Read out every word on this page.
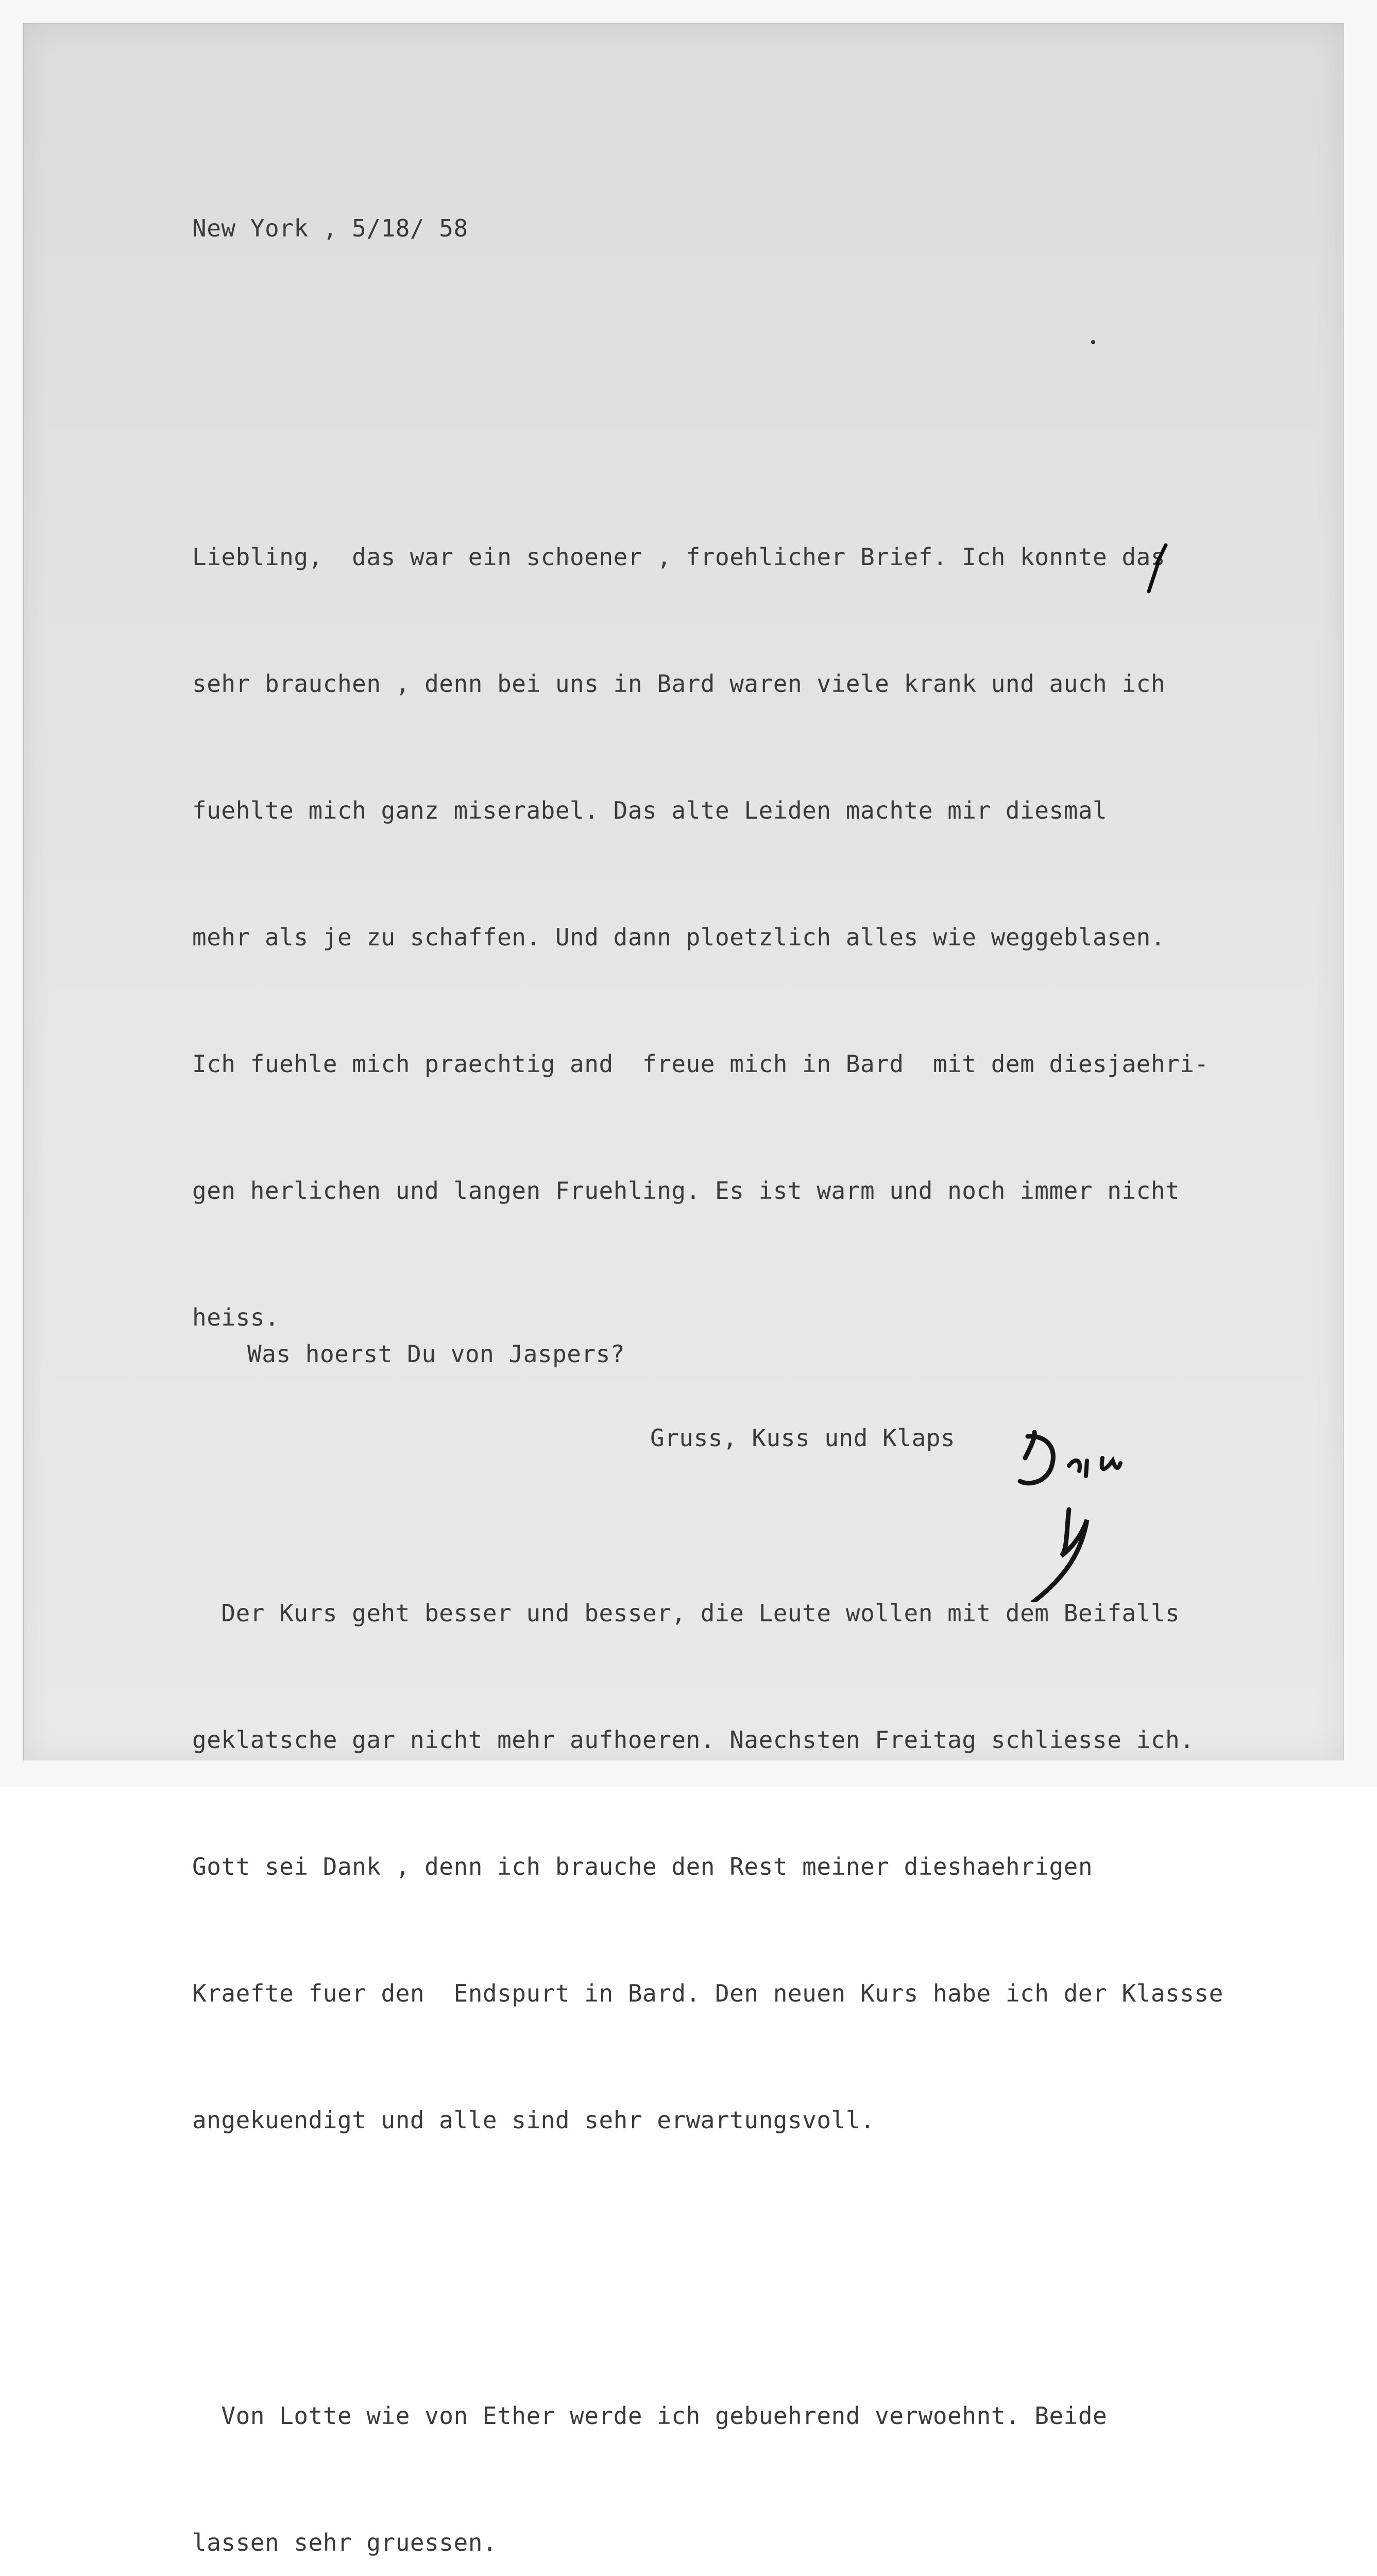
New York , 5/18/ 58

Liebling,  das war ein schoener , froehlicher Brief. Ich konnte das

sehr brauchen , denn bei uns in Bard waren viele krank und auch ich

fuehlte mich ganz miserabel. Das alte Leiden machte mir diesmal

mehr als je zu schaffen. Und dann ploetzlich alles wie weggeblasen.

Ich fuehle mich praechtig and  freue mich in Bard  mit dem diesjaehri-

gen herlichen und langen Fruehling. Es ist warm und noch immer nicht

heiss.

Der Kurs geht besser und besser, die Leute wollen mit dem Beifalls

geklatsche gar nicht mehr aufhoeren. Naechsten Freitag schliesse ich.

Gott sei Dank , denn ich brauche den Rest meiner dieshaehrigen

Kraefte fuer den  Endspurt in Bard. Den neuen Kurs habe ich der Klassse

angekuendigt und alle sind sehr erwartungsvoll.

Von Lotte wie von Ether werde ich gebuehrend verwoehnt. Beide

lassen sehr gruessen.

Was hoerst Du von Jaspers?
Gruss, Kuss und Klaps
